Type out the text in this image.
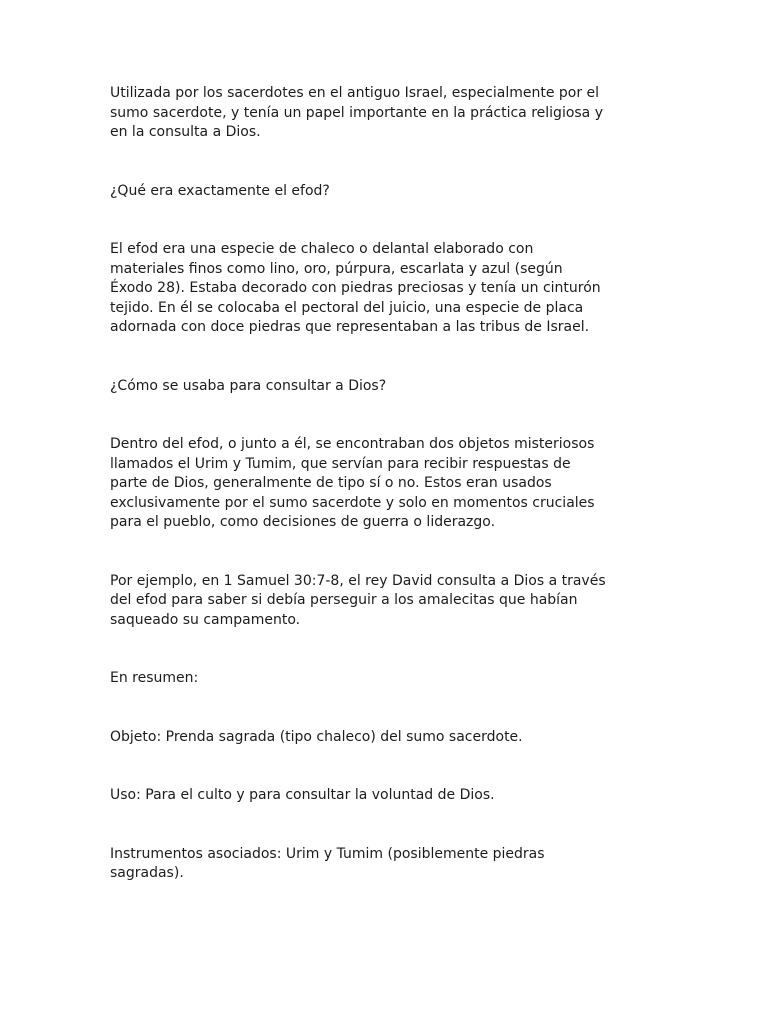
Utilizada por los sacerdotes en el antiguo Israel, especialmente por el
sumo sacerdote, y tenía un papel importante en la práctica religiosa y
en la consulta a Dios.
¿Qué era exactamente el efod?
El efod era una especie de chaleco o delantal elaborado con
materiales finos como lino, oro, púrpura, escarlata y azul (según
Éxodo 28). Estaba decorado con piedras preciosas y tenía un cinturón
tejido. En él se colocaba el pectoral del juicio, una especie de placa
adornada con doce piedras que representaban a las tribus de Israel.
¿Cómo se usaba para consultar a Dios?
Dentro del efod, o junto a él, se encontraban dos objetos misteriosos
llamados el Urim y Tumim, que servían para recibir respuestas de
parte de Dios, generalmente de tipo sí o no. Estos eran usados
exclusivamente por el sumo sacerdote y solo en momentos cruciales
para el pueblo, como decisiones de guerra o liderazgo.
Por ejemplo, en 1 Samuel 30:7-8, el rey David consulta a Dios a través
del efod para saber si debía perseguir a los amalecitas que habían
saqueado su campamento.
En resumen:
Objeto: Prenda sagrada (tipo chaleco) del sumo sacerdote.
Uso: Para el culto y para consultar la voluntad de Dios.
Instrumentos asociados: Urim y Tumim (posiblemente piedras
sagradas).
